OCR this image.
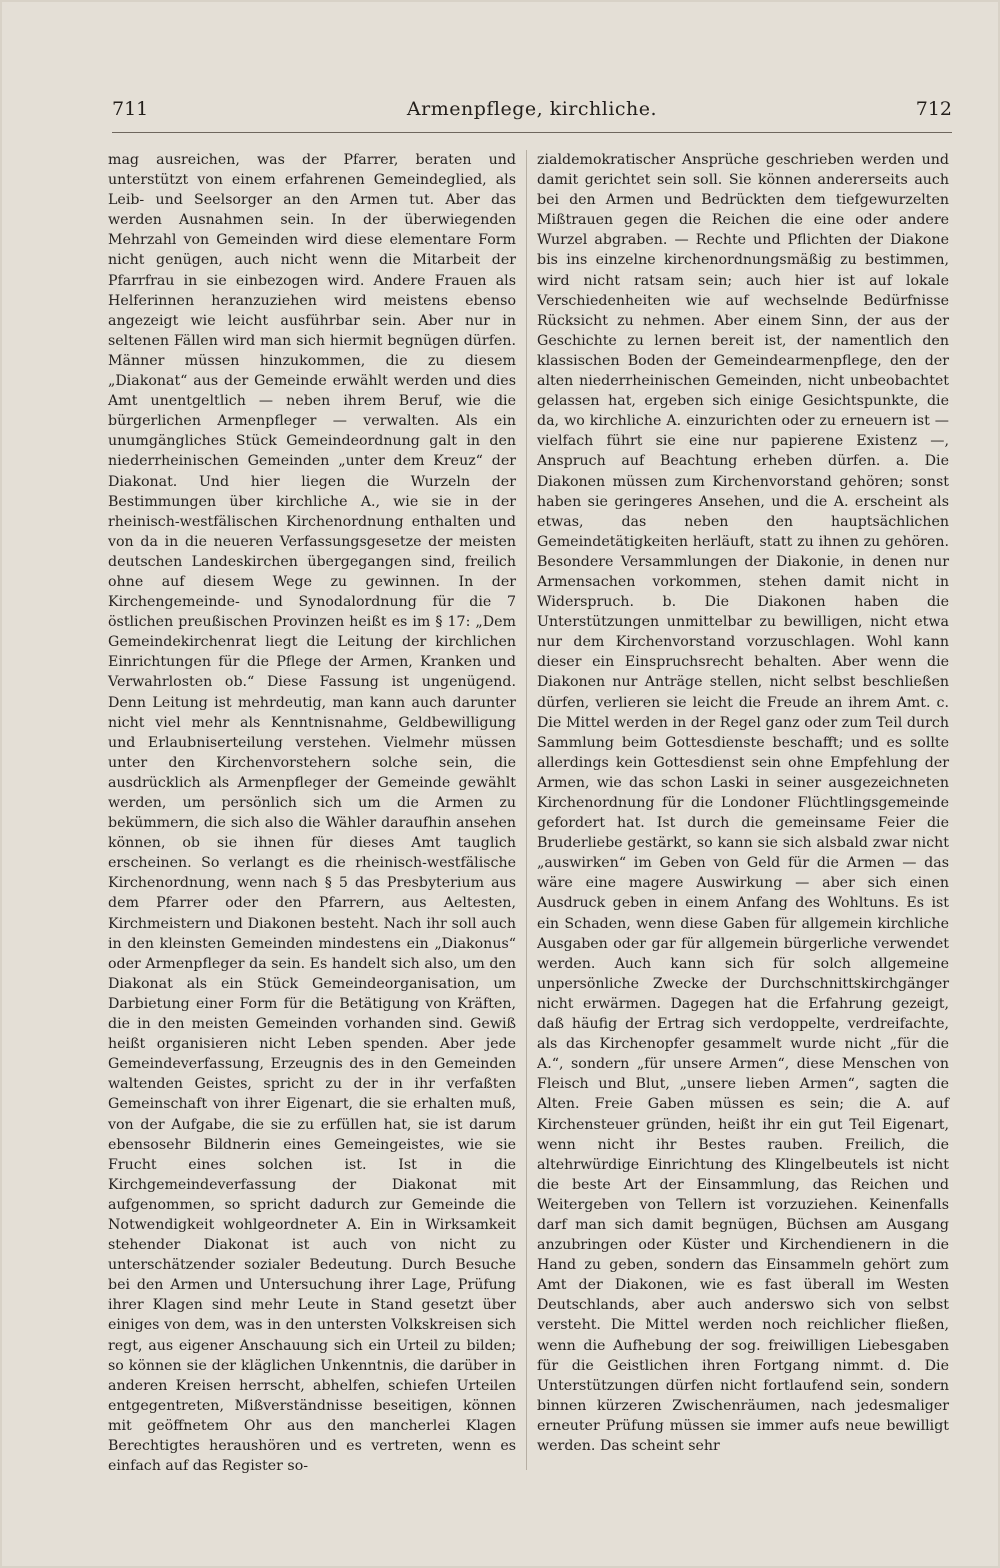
711	Armenpflege, kirchliche.	712

mag ausreichen, was der Pfarrer, beraten und unterstützt von einem erfahrenen Gemeindeglied, als Leib- und Seelsorger an den Armen tut. Aber das werden Ausnahmen sein. In der überwiegenden Mehrzahl von Gemeinden wird diese elementare Form nicht genügen, auch nicht wenn die Mitarbeit der Pfarrfrau in sie einbezogen wird. Andere Frauen als Helferinnen heranzuziehen wird meistens ebenso angezeigt wie leicht ausführbar sein. Aber nur in seltenen Fällen wird man sich hiermit begnügen dürfen. Männer müssen hinzukommen, die zu diesem „Diakonat“ aus der Gemeinde erwählt werden und dies Amt unentgeltlich — neben ihrem Beruf, wie die bürgerlichen Armenpfleger — verwalten. Als ein unumgängliches Stück Gemeindeordnung galt in den niederrheinischen Gemeinden „unter dem Kreuz“ der Diakonat. Und hier liegen die Wurzeln der Bestimmungen über kirchliche A., wie sie in der rheinisch-westfälischen Kirchenordnung enthalten und von da in die neueren Verfassungsgesetze der meisten deutschen Landeskirchen übergegangen sind, freilich ohne auf diesem Wege zu gewinnen. In der Kirchengemeinde- und Synodalordnung für die 7 östlichen preußischen Provinzen heißt es im § 17: „Dem Gemeindekirchenrat liegt die Leitung der kirchlichen Einrichtungen für die Pflege der Armen, Kranken und Verwahrlosten ob.“ Diese Fassung ist ungenügend. Denn Leitung ist mehrdeutig, man kann auch darunter nicht viel mehr als Kenntnisnahme, Geldbewilligung und Erlaubniserteilung verstehen. Vielmehr müssen unter den Kirchenvorstehern solche sein, die ausdrücklich als Armenpfleger der Gemeinde gewählt werden, um persönlich sich um die Armen zu bekümmern, die sich also die Wähler daraufhin ansehen können, ob sie ihnen für dieses Amt tauglich erscheinen. So verlangt es die rheinisch-westfälische Kirchenordnung, wenn nach § 5 das Presbyterium aus dem Pfarrer oder den Pfarrern, aus Aeltesten, Kirchmeistern und Diakonen besteht. Nach ihr soll auch in den kleinsten Gemeinden mindestens ein „Diakonus“ oder Armenpfleger da sein. Es handelt sich also, um den Diakonat als ein Stück Gemeindeorganisation, um Darbietung einer Form für die Betätigung von Kräften, die in den meisten Gemeinden vorhanden sind. Gewiß heißt organisieren nicht Leben spenden. Aber jede Gemeindeverfassung, Erzeugnis des in den Gemeinden waltenden Geistes, spricht zu der in ihr verfaßten Gemeinschaft von ihrer Eigenart, die sie erhalten muß, von der Aufgabe, die sie zu erfüllen hat, sie ist darum ebensosehr Bildnerin eines Gemeingeistes, wie sie Frucht eines solchen ist. Ist in die Kirchgemeindeverfassung der Diakonat mit aufgenommen, so spricht dadurch zur Gemeinde die Notwendigkeit wohlgeordneter A. Ein in Wirksamkeit stehender Diakonat ist auch von nicht zu unterschätzender sozialer Bedeutung. Durch Besuche bei den Armen und Untersuchung ihrer Lage, Prüfung ihrer Klagen sind mehr Leute in Stand gesetzt über einiges von dem, was in den untersten Volkskreisen sich regt, aus eigener Anschauung sich ein Urteil zu bilden; so können sie der kläglichen Unkenntnis, die darüber in anderen Kreisen herrscht, abhelfen, schiefen Urteilen entgegentreten, Mißverständnisse beseitigen, können mit geöffnetem Ohr aus den mancherlei Klagen Berechtigtes heraushören und es vertreten, wenn es einfach auf das Register so-

zialdemokratischer Ansprüche geschrieben werden und damit gerichtet sein soll. Sie können andererseits auch bei den Armen und Bedrückten dem tiefgewurzelten Mißtrauen gegen die Reichen die eine oder andere Wurzel abgraben. — Rechte und Pflichten der Diakone bis ins einzelne kirchenordnungsmäßig zu bestimmen, wird nicht ratsam sein; auch hier ist auf lokale Verschiedenheiten wie auf wechselnde Bedürfnisse Rücksicht zu nehmen. Aber einem Sinn, der aus der Geschichte zu lernen bereit ist, der namentlich den klassischen Boden der Gemeindearmenpflege, den der alten niederrheinischen Gemeinden, nicht unbeobachtet gelassen hat, ergeben sich einige Gesichtspunkte, die da, wo kirchliche A. einzurichten oder zu erneuern ist — vielfach führt sie eine nur papierene Existenz —, Anspruch auf Beachtung erheben dürfen. a. Die Diakonen müssen zum Kirchenvorstand gehören; sonst haben sie geringeres Ansehen, und die A. erscheint als etwas, das neben den hauptsächlichen Gemeindetätigkeiten herläuft, statt zu ihnen zu gehören. Besondere Versammlungen der Diakonie, in denen nur Armensachen vorkommen, stehen damit nicht in Widerspruch. b. Die Diakonen haben die Unterstützungen unmittelbar zu bewilligen, nicht etwa nur dem Kirchenvorstand vorzuschlagen. Wohl kann dieser ein Einspruchsrecht behalten. Aber wenn die Diakonen nur Anträge stellen, nicht selbst beschließen dürfen, verlieren sie leicht die Freude an ihrem Amt. c. Die Mittel werden in der Regel ganz oder zum Teil durch Sammlung beim Gottesdienste beschafft; und es sollte allerdings kein Gottesdienst sein ohne Empfehlung der Armen, wie das schon Laski in seiner ausgezeichneten Kirchenordnung für die Londoner Flüchtlingsgemeinde gefordert hat. Ist durch die gemeinsame Feier die Bruderliebe gestärkt, so kann sie sich alsbald zwar nicht „auswirken“ im Geben von Geld für die Armen — das wäre eine magere Auswirkung — aber sich einen Ausdruck geben in einem Anfang des Wohltuns. Es ist ein Schaden, wenn diese Gaben für allgemein kirchliche Ausgaben oder gar für allgemein bürgerliche verwendet werden. Auch kann sich für solch allgemeine unpersönliche Zwecke der Durchschnittskirchgänger nicht erwärmen. Dagegen hat die Erfahrung gezeigt, daß häufig der Ertrag sich verdoppelte, verdreifachte, als das Kirchenopfer gesammelt wurde nicht „für die A.“, sondern „für unsere Armen“, diese Menschen von Fleisch und Blut, „unsere lieben Armen“, sagten die Alten. Freie Gaben müssen es sein; die A. auf Kirchensteuer gründen, heißt ihr ein gut Teil Eigenart, wenn nicht ihr Bestes rauben. Freilich, die altehrwürdige Einrichtung des Klingelbeutels ist nicht die beste Art der Einsammlung, das Reichen und Weitergeben von Tellern ist vorzuziehen. Keinenfalls darf man sich damit begnügen, Büchsen am Ausgang anzubringen oder Küster und Kirchendienern in die Hand zu geben, sondern das Einsammeln gehört zum Amt der Diakonen, wie es fast überall im Westen Deutschlands, aber auch anderswo sich von selbst versteht. Die Mittel werden noch reichlicher fließen, wenn die Aufhebung der sog. freiwilligen Liebesgaben für die Geistlichen ihren Fortgang nimmt. d. Die Unterstützungen dürfen nicht fortlaufend sein, sondern binnen kürzeren Zwischenräumen, nach jedesmaliger erneuter Prüfung müssen sie immer aufs neue bewilligt werden. Das scheint sehr
